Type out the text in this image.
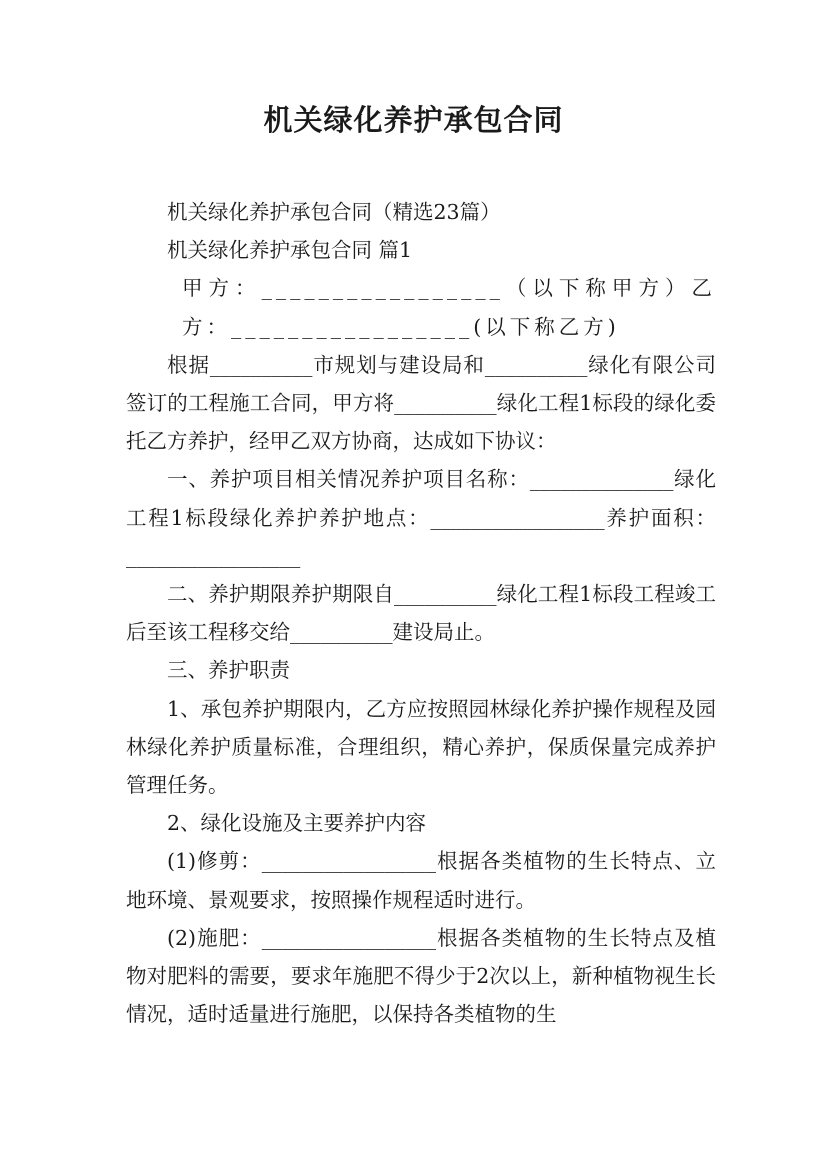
机关绿化养护承包合同

机关绿化养护承包合同（精选23篇）

机关绿化养护承包合同 篇1

甲方：_________________（以下称甲方）乙方：_________________(以下称乙方)

根据__________市规划与建设局和__________绿化有限公司签订的工程施工合同，甲方将__________绿化工程1标段的绿化委托乙方养护，经甲乙双方协商，达成如下协议：

一、养护项目相关情况养护项目名称：______________绿化工程1标段绿化养护养护地点：_________________养护面积：_________________

二、养护期限养护期限自__________绿化工程1标段工程竣工后至该工程移交给__________建设局止。

三、养护职责

1、承包养护期限内，乙方应按照园林绿化养护操作规程及园林绿化养护质量标准，合理组织，精心养护，保质保量完成养护管理任务。

2、绿化设施及主要养护内容

(1)修剪：_________________根据各类植物的生长特点、立地环境、景观要求，按照操作规程适时进行。

(2)施肥：_________________根据各类植物的生长特点及植物对肥料的需要，要求年施肥不得少于2次以上，新种植物视生长情况，适时适量进行施肥，以保持各类植物的生
